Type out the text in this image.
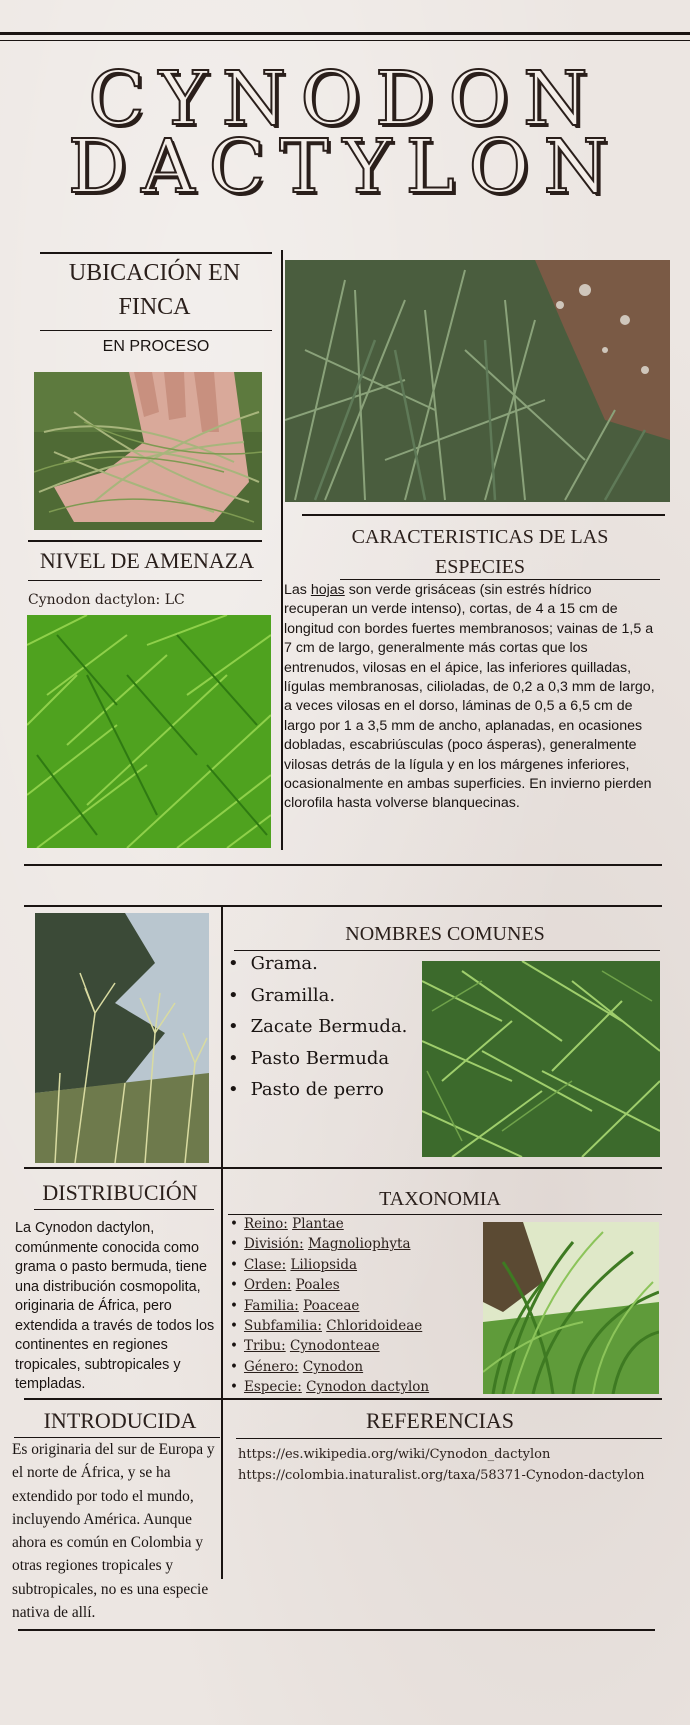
CYNODON
DACTYLON
UBICACIÓN EN FINCA
EN PROCESO
NIVEL DE AMENAZA
Cynodon dactylon: LC
CARACTERISTICAS DE LAS ESPECIES
Las hojas son verde grisáceas (sin estrés hídrico recuperan un verde intenso), cortas, de 4 a 15 cm de longitud con bordes fuertes membranosos; vainas de 1,5 a 7 cm de largo, generalmente más cortas que los entrenudos, vilosas en el ápice, las inferiores quilladas, lígulas membranosas, cilioladas, de 0,2 a 0,3 mm de largo, a veces vilosas en el dorso, láminas de 0,5 a 6,5 cm de largo por 1 a 3,5 mm de ancho, aplanadas, en ocasiones dobladas, escabriúsculas (poco ásperas), generalmente vilosas detrás de la lígula y en los márgenes inferiores, ocasionalmente en ambas superficies. En invierno pierden clorofila hasta volverse blanquecinas.
NOMBRES COMUNES
• Grama.
• Gramilla.
• Zacate Bermuda.
• Pasto Bermuda
• Pasto de perro
DISTRIBUCIÓN
La Cynodon dactylon, comúnmente conocida como grama o pasto bermuda, tiene una distribución cosmopolita, originaria de África, pero extendida a través de todos los continentes en regiones tropicales, subtropicales y templadas.
TAXONOMIA
• Reino: Plantae
• División: Magnoliophyta
• Clase: Liliopsida
• Orden: Poales
• Familia: Poaceae
• Subfamilia: Chloridoideae
• Tribu: Cynodonteae
• Género: Cynodon
• Especie: Cynodon dactylon
INTRODUCIDA
Es originaria del sur de Europa y el norte de África, y se ha extendido por todo el mundo, incluyendo América. Aunque ahora es común en Colombia y otras regiones tropicales y subtropicales, no es una especie nativa de allí.
REFERENCIAS
https://es.wikipedia.org/wiki/Cynodon_dactylon
https://colombia.inaturalist.org/taxa/58371-Cynodon-dactylon
